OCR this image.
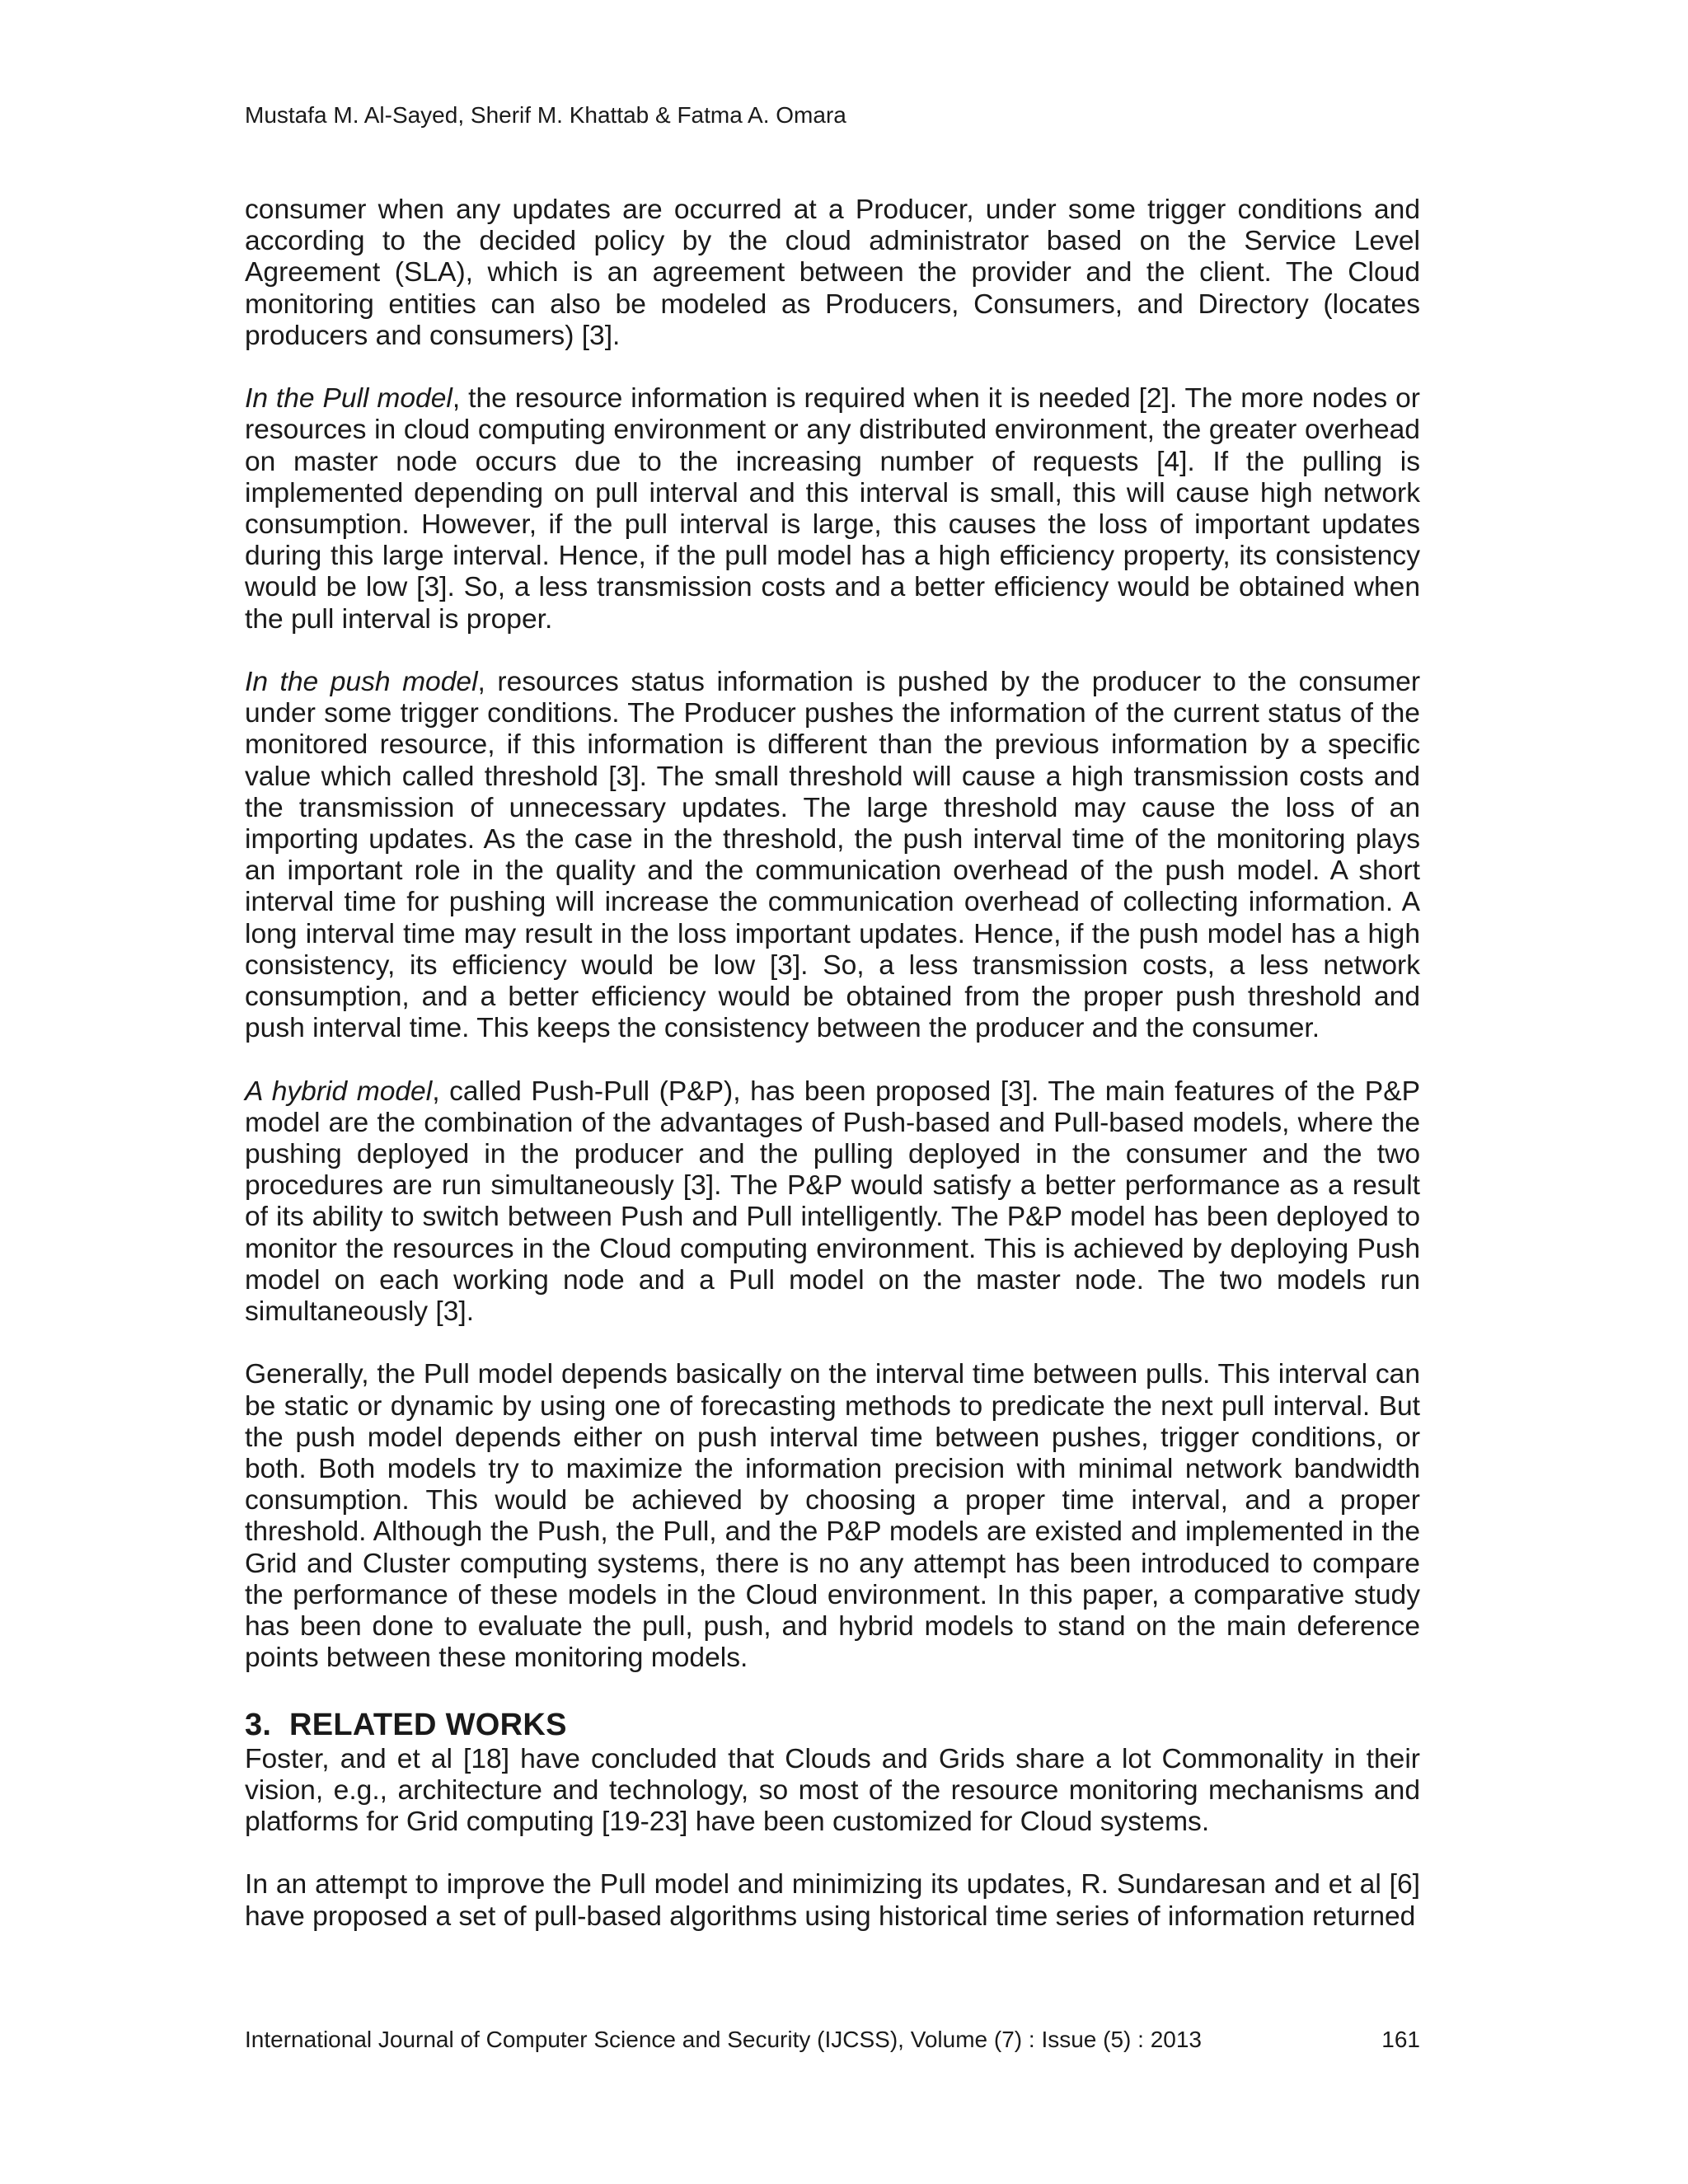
Mustafa M. Al-Sayed, Sherif M. Khattab & Fatma A. Omara

consumer when any updates are occurred at a Producer, under some trigger conditions and according to the decided policy by the cloud administrator based on the Service Level Agreement (SLA), which is an agreement between the provider and the client. The Cloud monitoring entities can also be modeled as Producers, Consumers, and Directory (locates producers and consumers) [3].

In the Pull model, the resource information is required when it is needed [2]. The more nodes or resources in cloud computing environment or any distributed environment, the greater overhead on master node occurs due to the increasing number of requests [4]. If the pulling is implemented depending on pull interval and this interval is small, this will cause high network consumption. However, if the pull interval is large, this causes the loss of important updates during this large interval. Hence, if the pull model has a high efficiency property, its consistency would be low [3]. So, a less transmission costs and a better efficiency would be obtained when the pull interval is proper.

In the push model, resources status information is pushed by the producer to the consumer under some trigger conditions. The Producer pushes the information of the current status of the monitored resource, if this information is different than the previous information by a specific value which called threshold [3]. The small threshold will cause a high transmission costs and the transmission of unnecessary updates. The large threshold may cause the loss of an importing updates. As the case in the threshold, the push interval time of the monitoring plays an important role in the quality and the communication overhead of the push model. A short interval time for pushing will increase the communication overhead of collecting information. A long interval time may result in the loss important updates. Hence, if the push model has a high consistency, its efficiency would be low [3]. So, a less transmission costs, a less network consumption, and a better efficiency would be obtained from the proper push threshold and push interval time. This keeps the consistency between the producer and the consumer.

A hybrid model, called Push-Pull (P&P), has been proposed [3]. The main features of the P&P model are the combination of the advantages of Push-based and Pull-based models, where the pushing deployed in the producer and the pulling deployed in the consumer and the two procedures are run simultaneously [3]. The P&P would satisfy a better performance as a result of its ability to switch between Push and Pull intelligently. The P&P model has been deployed to monitor the resources in the Cloud computing environment. This is achieved by deploying Push model on each working node and a Pull model on the master node. The two models run simultaneously [3].

Generally, the Pull model depends basically on the interval time between pulls. This interval can be static or dynamic by using one of forecasting methods to predicate the next pull interval. But the push model depends either on push interval time between pushes, trigger conditions, or both. Both models try to maximize the information precision with minimal network bandwidth consumption. This would be achieved by choosing a proper time interval, and a proper threshold. Although the Push, the Pull, and the P&P models are existed and implemented in the Grid and Cluster computing systems, there is no any attempt has been introduced to compare the performance of these models in the Cloud environment. In this paper, a comparative study has been done to evaluate the pull, push, and hybrid models to stand on the main deference points between these monitoring models.

3. RELATED WORKS

Foster, and et al [18] have concluded that Clouds and Grids share a lot Commonality in their vision, e.g., architecture and technology, so most of the resource monitoring mechanisms and platforms for Grid computing [19-23] have been customized for Cloud systems.

In an attempt to improve the Pull model and minimizing its updates, R. Sundaresan and et al [6] have proposed a set of pull-based algorithms using historical time series of information returned

International Journal of Computer Science and Security (IJCSS), Volume (7) : Issue (5) : 2013	161
